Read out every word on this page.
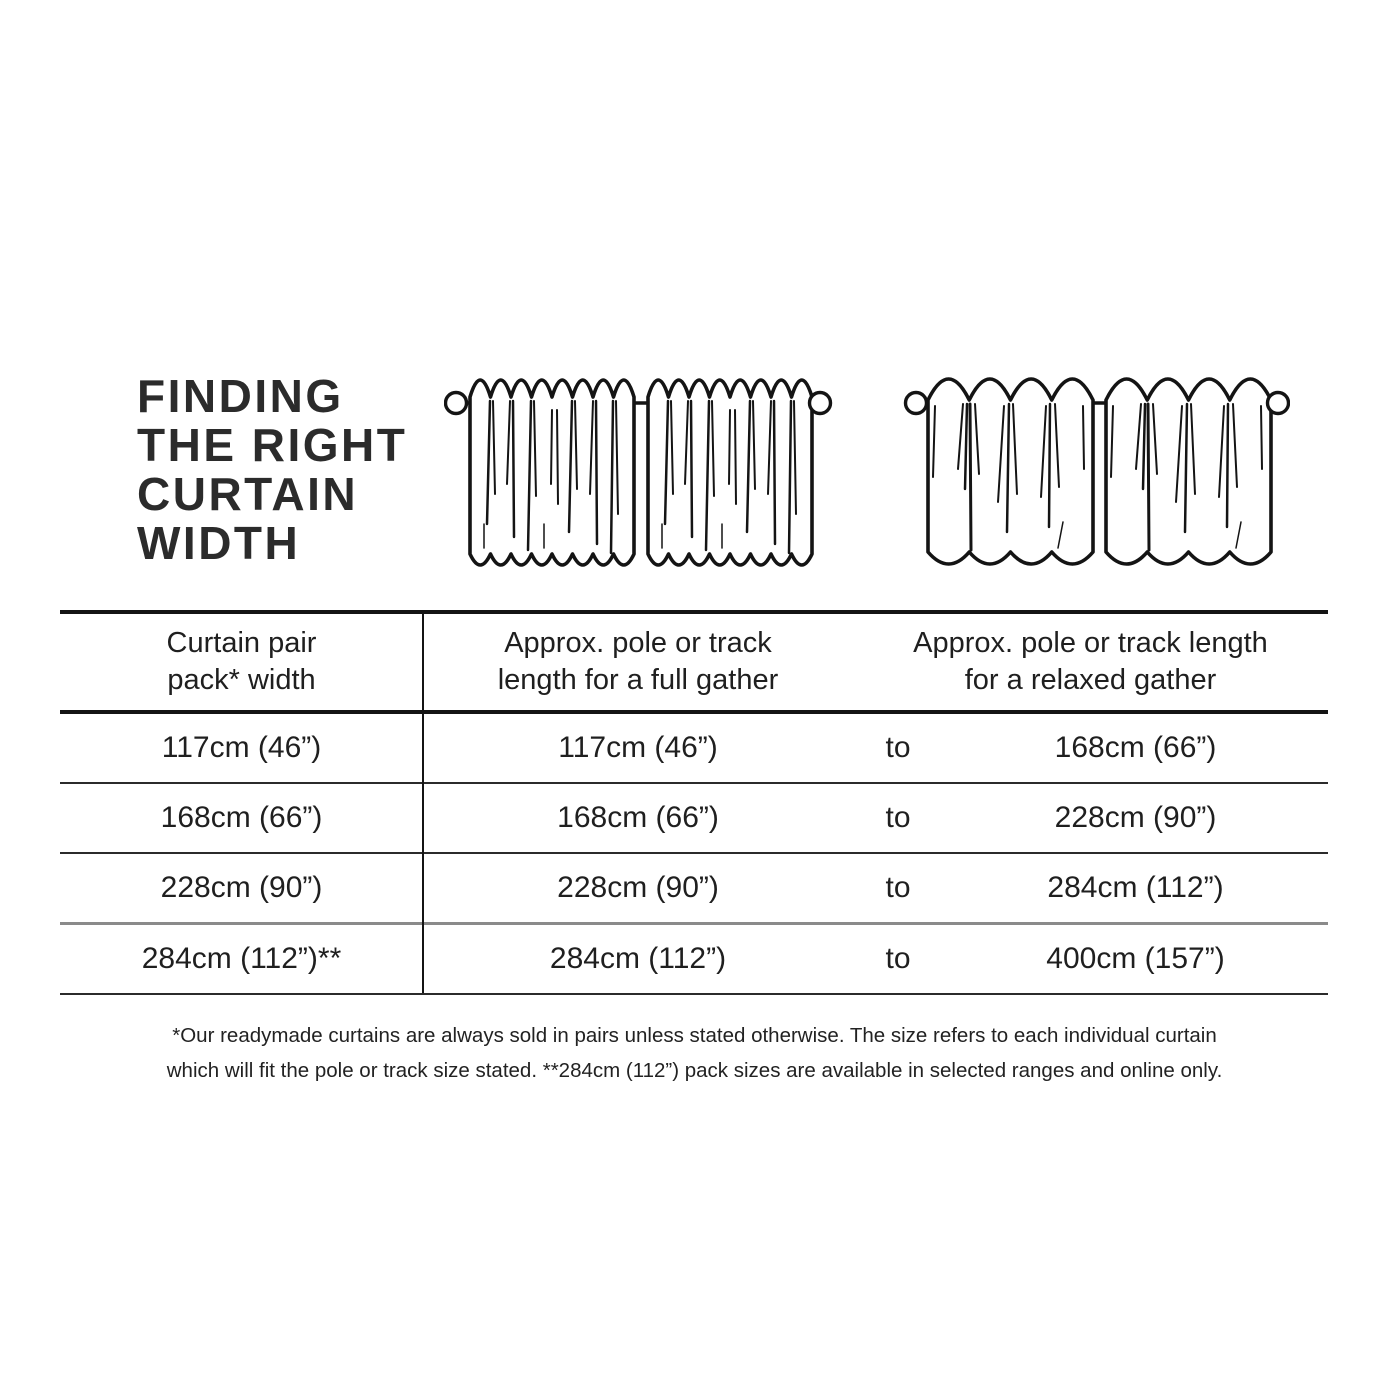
FINDING
THE RIGHT
CURTAIN
WIDTH
Curtain pair
pack* width
Approx. pole or track
length for a full gather
Approx. pole or track length
for a relaxed gather
117cm (46”)	117cm (46”)	to	168cm (66”)
168cm (66”)	168cm (66”)	to	228cm (90”)
228cm (90”)	228cm (90”)	to	284cm (112”)
284cm (112”)**	284cm (112”)	to	400cm (157”)
*Our readymade curtains are always sold in pairs unless stated otherwise. The size refers to each individual curtain
which will fit the pole or track size stated. **284cm (112”) pack sizes are available in selected ranges and online only.
